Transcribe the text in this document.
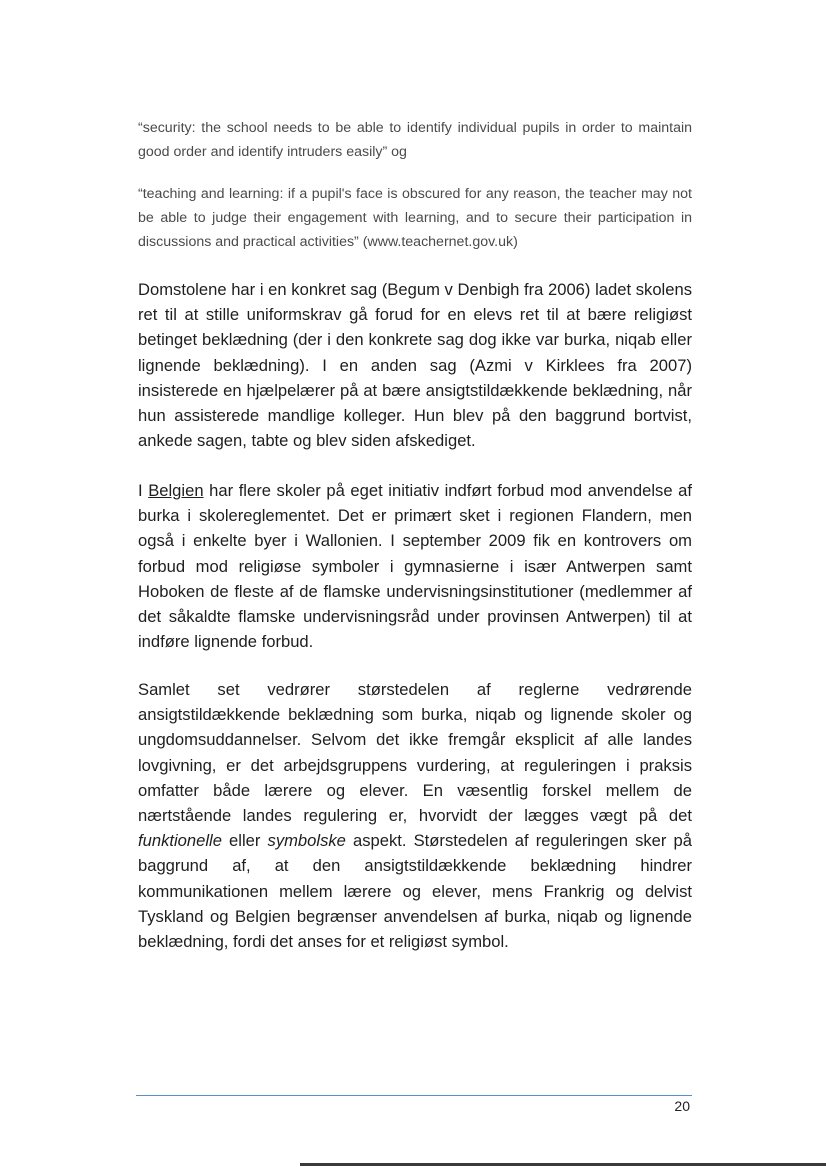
“security: the school needs to be able to identify individual pupils in order to maintain good order and identify intruders easily” og

“teaching and learning: if a pupil's face is obscured for any reason, the teacher may not be able to judge their engagement with learning, and to secure their participation in discussions and practical activities” (www.teachernet.gov.uk)

Domstolene har i en konkret sag (Begum v Denbigh fra 2006) ladet skolens ret til at stille uniformskrav gå forud for en elevs ret til at bære religiøst betinget beklædning (der i den konkrete sag dog ikke var burka, niqab eller lignende beklædning). I en anden sag (Azmi v Kirklees fra 2007) insisterede en hjælpelærer på at bære ansigtstildækkende beklædning, når hun assisterede mandlige kolleger. Hun blev på den baggrund bortvist, ankede sagen, tabte og blev siden afskediget.

I Belgien har flere skoler på eget initiativ indført forbud mod anvendelse af burka i skolereglementet. Det er primært sket i regionen Flandern, men også i enkelte byer i Wallonien. I september 2009 fik en kontrovers om forbud mod religiøse symboler i gymnasierne i især Antwerpen samt Hoboken de fleste af de flamske undervisningsinstitutioner (medlemmer af det såkaldte flamske undervisningsråd under provinsen Antwerpen) til at indføre lignende forbud.

Samlet set vedrører størstedelen af reglerne vedrørende ansigtstildækkende beklædning som burka, niqab og lignende skoler og ungdomsuddannelser. Selvom det ikke fremgår eksplicit af alle landes lovgivning, er det arbejdsgruppens vurdering, at reguleringen i praksis omfatter både lærere og elever. En væsentlig forskel mellem de nærtstående landes regulering er, hvorvidt der lægges vægt på det funktionelle eller symbolske aspekt. Størstedelen af reguleringen sker på baggrund af, at den ansigtstildækkende beklædning hindrer kommunikationen mellem lærere og elever, mens Frankrig og delvist Tyskland og Belgien begrænser anvendelsen af burka, niqab og lignende beklædning, fordi det anses for et religiøst symbol.

20
